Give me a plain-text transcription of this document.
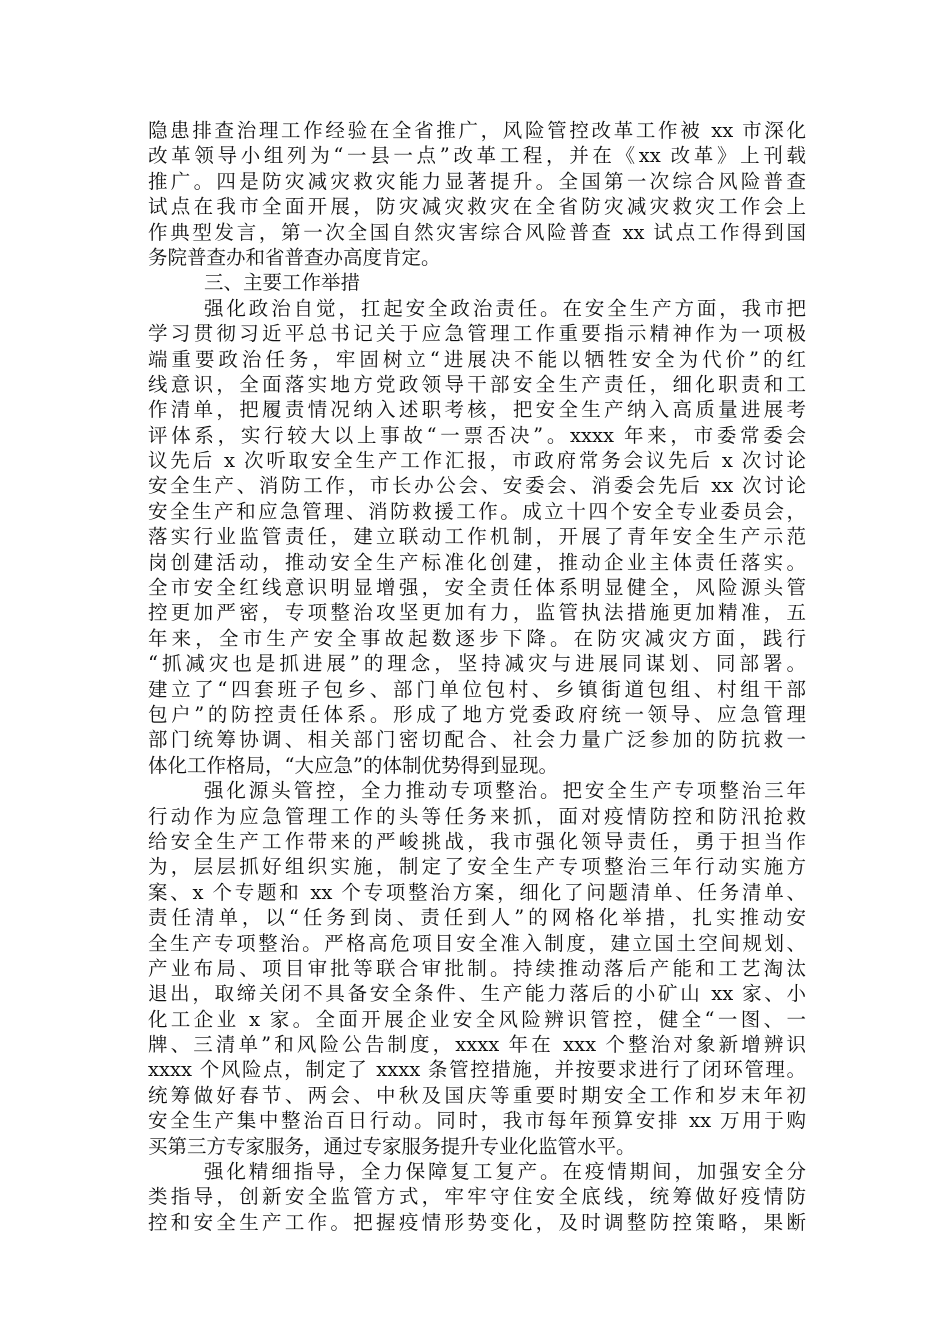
隐患排查治理工作经验在全省推广，风险管控改革工作被 xx 市深化
改革领导小组列为“一县一点”改革工程，并在《xx 改革》上刊载
推广。四是防灾减灾救灾能力显著提升。全国第一次综合风险普查
试点在我市全面开展，防灾减灾救灾在全省防灾减灾救灾工作会上
作典型发言，第一次全国自然灾害综合风险普查 xx 试点工作得到国
务院普查办和省普查办高度肯定。
三、主要工作举措
强化政治自觉，扛起安全政治责任。在安全生产方面，我市把
学习贯彻习近平总书记关于应急管理工作重要指示精神作为一项极
端重要政治任务，牢固树立“进展决不能以牺牲安全为代价”的红
线意识，全面落实地方党政领导干部安全生产责任，细化职责和工
作清单，把履责情况纳入述职考核，把安全生产纳入高质量进展考
评体系，实行较大以上事故“一票否决”。xxxx 年来，市委常委会
议先后 x 次听取安全生产工作汇报，市政府常务会议先后 x 次讨论
安全生产、消防工作，市长办公会、安委会、消委会先后 xx 次讨论
安全生产和应急管理、消防救援工作。成立十四个安全专业委员会，
落实行业监管责任，建立联动工作机制，开展了青年安全生产示范
岗创建活动，推动安全生产标准化创建，推动企业主体责任落实。
全市安全红线意识明显增强，安全责任体系明显健全，风险源头管
控更加严密，专项整治攻坚更加有力，监管执法措施更加精准，五
年来，全市生产安全事故起数逐步下降。在防灾减灾方面，践行
“抓减灾也是抓进展”的理念，坚持减灾与进展同谋划、同部署。
建立了“四套班子包乡、部门单位包村、乡镇街道包组、村组干部
包户”的防控责任体系。形成了地方党委政府统一领导、应急管理
部门统筹协调、相关部门密切配合、社会力量广泛参加的防抗救一
体化工作格局，“大应急”的体制优势得到显现。
强化源头管控，全力推动专项整治。把安全生产专项整治三年
行动作为应急管理工作的头等任务来抓，面对疫情防控和防汛抢救
给安全生产工作带来的严峻挑战，我市强化领导责任，勇于担当作
为，层层抓好组织实施，制定了安全生产专项整治三年行动实施方
案、x 个专题和 xx 个专项整治方案，细化了问题清单、任务清单、
责任清单，以“任务到岗、责任到人”的网格化举措，扎实推动安
全生产专项整治。严格高危项目安全准入制度，建立国土空间规划、
产业布局、项目审批等联合审批制。持续推动落后产能和工艺淘汰
退出，取缔关闭不具备安全条件、生产能力落后的小矿山 xx 家、小
化工企业 x 家。全面开展企业安全风险辨识管控，健全“一图、一
牌、三清单”和风险公告制度，xxxx 年在 xxx 个整治对象新增辨识
xxxx 个风险点，制定了 xxxx 条管控措施，并按要求进行了闭环管理。
统筹做好春节、两会、中秋及国庆等重要时期安全工作和岁末年初
安全生产集中整治百日行动。同时，我市每年预算安排 xx 万用于购
买第三方专家服务，通过专家服务提升专业化监管水平。
强化精细指导，全力保障复工复产。在疫情期间，加强安全分
类指导，创新安全监管方式，牢牢守住安全底线，统筹做好疫情防
控和安全生产工作。把握疫情形势变化，及时调整防控策略，果断
